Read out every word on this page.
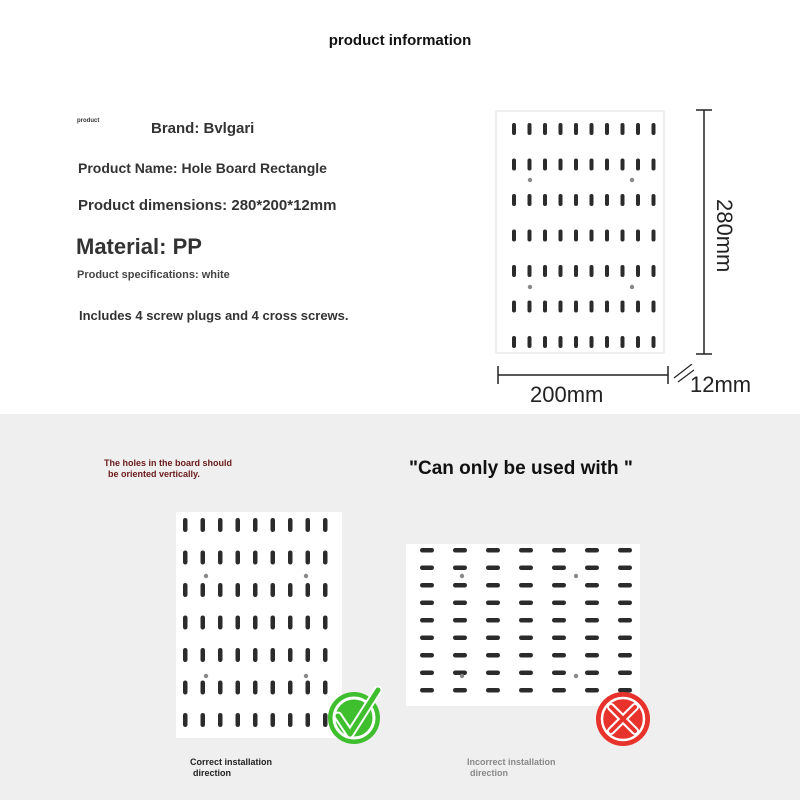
product information
product	Brand: Bvlgari
Product Name: Hole Board Rectangle
Product dimensions: 280*200*12mm
Material: PP
Product specifications: white
Includes 4 screw plugs and 4 cross screws.
200mm
280mm
12mm
The holes in the board should
be oriented vertically.	"Can only be used with "
Correct installation
direction
Incorrect installation
direction
